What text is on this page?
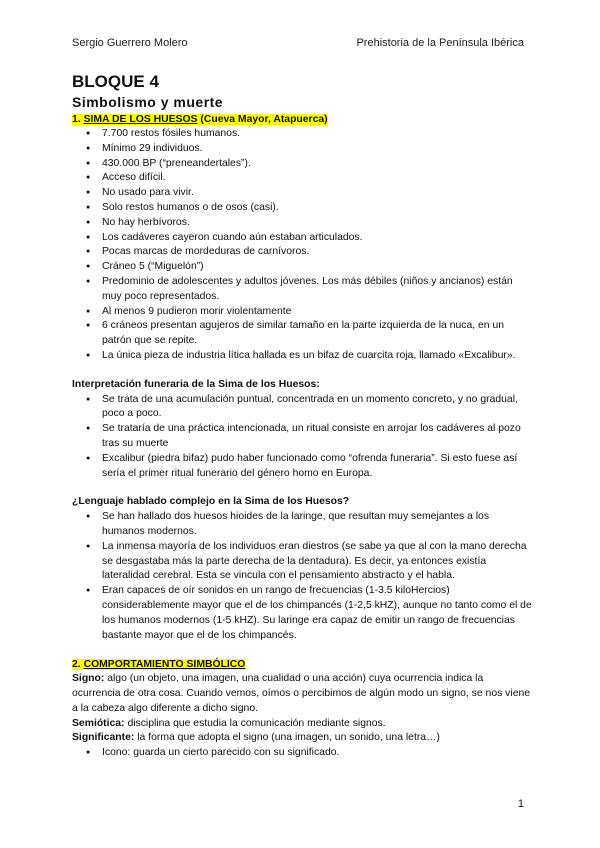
Sergio Guerrero Molero	Prehistoria de la Península Ibérica
BLOQUE 4
Simbolismo y muerte
1. SIMA DE LOS HUESOS (Cueva Mayor, Atapuerca)
● 7.700 restos fósiles humanos.
● Mínimo 29 individuos.
● 430.000 BP (“preneandertales”).
● Acceso difícil.
● No usado para vivir.
● Solo restos humanos o de osos (casi).
● No hay herbívoros.
● Los cadáveres cayeron cuando aún estaban articulados.
● Pocas marcas de mordeduras de carnívoros.
● Cráneo 5 (“Miguelón”)
● Predominio de adolescentes y adultos jóvenes. Los más débiles (niños y ancianos) están muy poco representados.
● Al menos 9 pudieron morir violentamente
● 6 cráneos presentan agujeros de similar tamaño en la parte izquierda de la nuca, en un patrón que se repite.
● La única pieza de industria lítica hallada es un bifaz de cuarcita roja, llamado «Excalibur».
Interpretación funeraria de la Sima de los Huesos:
● Se trata de una acumulación puntual, concentrada en un momento concreto, y no gradual, poco a poco.
● Se trataría de una práctica intencionada, un ritual consiste en arrojar los cadáveres al pozo tras su muerte
● Excalibur (piedra bifaz) pudo haber funcionado como “ofrenda funeraria”. Si esto fuese así sería el primer ritual funerario del género homo en Europa.
¿Lenguaje hablado complejo en la Sima de los Huesos?
● Se han hallado dos huesos hioides de la laringe, que resultan muy semejantes a los humanos modernos.
● La inmensa mayoría de los individuos eran diestros (se sabe ya que al con la mano derecha se desgastaba más la parte derecha de la dentadura). Es decir, ya entonces existía lateralidad cerebral. Esta se vincula con el pensamiento abstracto y el habla.
● Eran capaces de oír sonidos en un rango de frecuencias (1-3.5 kiloHercios) considerablemente mayor que el de los chimpancés (1-2,5 kHZ), aunque no tanto como el de los humanos modernos (1-5 kHZ). Su laringe era capaz de emitir un rango de frecuencias bastante mayor que el de los chimpancés.
2. COMPORTAMIENTO SIMBÓLICO

Signo: algo (un objeto, una imagen, una cualidad o una acción) cuya ocurrencia indica la ocurrencia de otra cosa. Cuando vemos, oímos o percibimos de algún modo un signo, se nos viene a la cabeza algo diferente a dicho signo.

Semiótica: disciplina que estudia la comunicación mediante signos.

Significante: la forma que adopta el signo (una imagen, un sonido, una letra…)

● Icono: guarda un cierto parecido con su significado.
1
